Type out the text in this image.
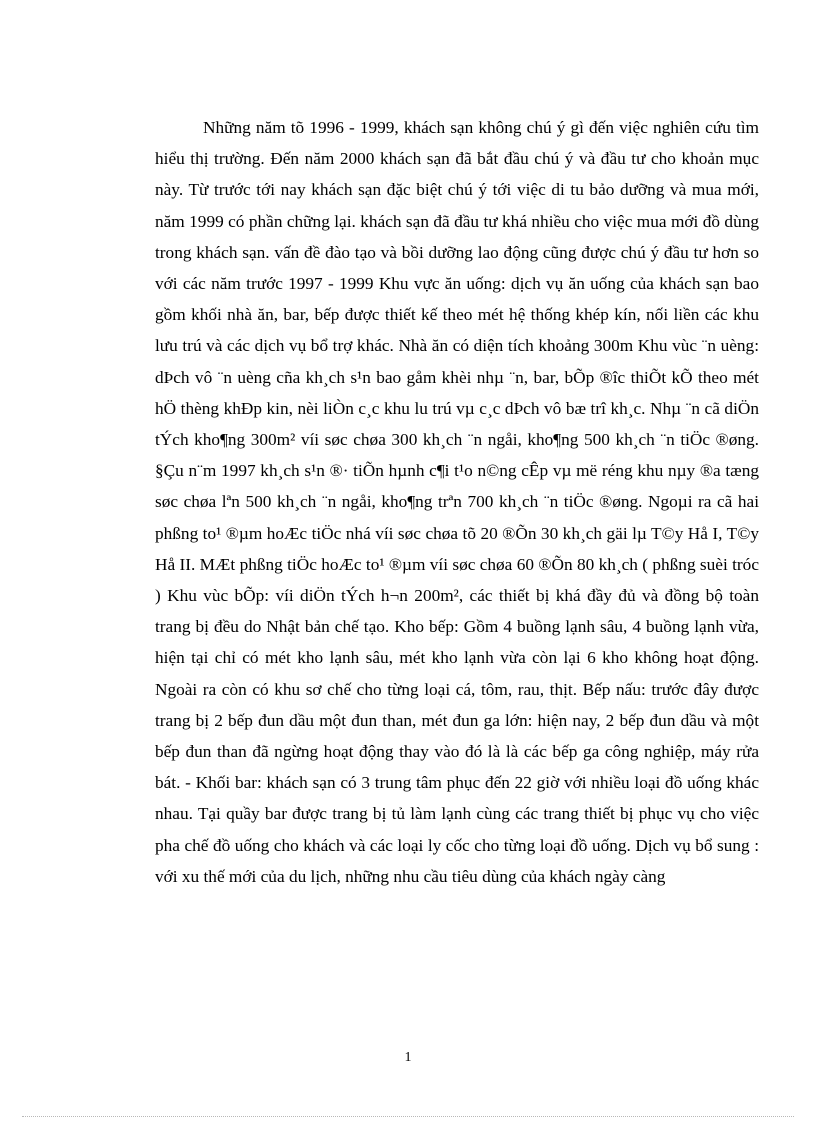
Những năm tõ 1996 - 1999, khách sạn không chú ý gì đến việc nghiên cứu tìm hiểu thị trường. Đến năm 2000 khách sạn đã bắt đầu chú ý và đầu tư cho khoản mục này. Từ trước tới nay khách sạn đặc biệt chú ý tới việc di tu bảo dưỡng và mua mới, năm 1999 có phần chững lại. khách sạn đã đầu tư khá nhiều cho việc mua mới đồ dùng trong khách sạn. vấn đề đào tạo và bồi dưỡng lao động cũng được chú ý đầu tư hơn so với các năm trước 1997 - 1999 Khu vực ăn uống: dịch vụ ăn uống của khách sạn bao gồm khối nhà ăn, bar, bếp được thiết kế theo mét hệ thống khép kín, nối liền các khu lưu trú và các dịch vụ bổ trợ khác. Nhà ăn có diện tích khoảng 300m Khu vùc ¨n uèng: dÞch vô ¨n uèng cña kh¸ch s¹n bao gåm khèi nhµ ¨n, bar, bÕp ®îc thiÕt kÕ theo mét hÖ thèng khÐp kin, nèi liÒn c¸c khu lu trú vµ c¸c dÞch vô bæ trî kh¸c. Nhµ ¨n cã diÖn tÝch kho¶ng 300m² víi søc chøa 300 kh¸ch ¨n ngåi, kho¶ng 500 kh¸ch ¨n tiÖc ®øng. §Çu n¨m 1997 kh¸ch s¹n ®· tiÕn hµnh c¶i t¹o n©ng cÊp vµ më réng khu nµy ®a tæng søc chøa lªn 500 kh¸ch ¨n ngåi, kho¶ng trªn 700 kh¸ch ¨n tiÖc ®øng. Ngoµi ra cã hai phßng to¹ ®µm hoÆc tiÖc nhá víi søc chøa tõ 20 ®Õn 30 kh¸ch gäi lµ T©y Hå I, T©y Hå II. MÆt phßng tiÖc hoÆc to¹ ®µm víi søc chøa 60 ®Õn 80 kh¸ch ( phßng suèi tróc ) Khu vùc bÕp: víi diÖn tÝch h¬n 200m², các thiết bị khá đầy đủ và đồng bộ toàn trang bị đều do Nhật bản chế tạo. Kho bếp: Gồm 4 buồng lạnh sâu, 4 buồng lạnh vừa, hiện tại chỉ có mét kho lạnh sâu, mét kho lạnh vừa còn lại 6 kho không hoạt động. Ngoài ra còn có khu sơ chế cho từng loại cá, tôm, rau, thịt. Bếp nấu: trước đây được trang bị 2 bếp đun dầu một đun than, mét đun ga lớn: hiện nay, 2 bếp đun dầu và một bếp đun than đã ngừng hoạt động thay vào đó là là các bếp ga công nghiệp, máy rửa bát. - Khối bar: khách sạn có 3 trung tâm phục đến 22 giờ với nhiều loại đồ uống khác nhau. Tại quầy bar được trang bị tủ làm lạnh cùng các trang thiết bị phục vụ cho việc pha chế đồ uống cho khách và các loại ly cốc cho từng loại đồ uống. Dịch vụ bổ sung : với xu thế mới của du lịch, những nhu cầu tiêu dùng của khách ngày càng

1
